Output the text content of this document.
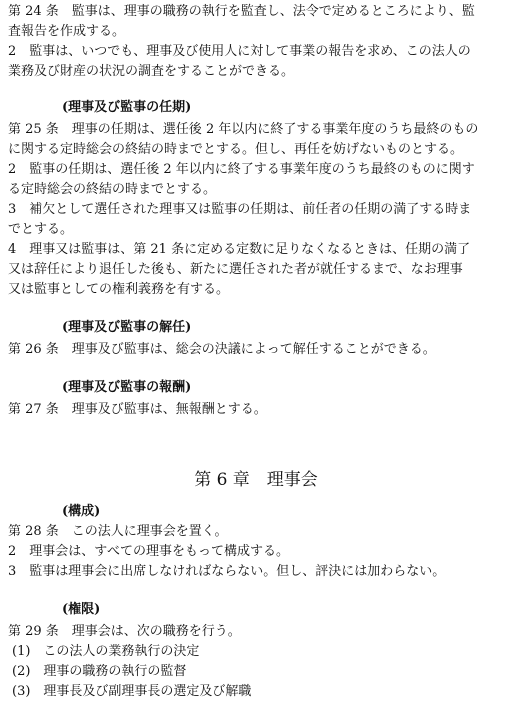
第 24 条　監事は、理事の職務の執行を監査し、法令で定めるところにより、監
査報告を作成する。
2　監事は、いつでも、理事及び使用人に対して事業の報告を求め、この法人の
業務及び財産の状況の調査をすることができる。
(理事及び監事の任期)
第 25 条　理事の任期は、選任後 2 年以内に終了する事業年度のうち最終のもの
に関する定時総会の終結の時までとする。但し、再任を妨げないものとする。
2　監事の任期は、選任後 2 年以内に終了する事業年度のうち最終のものに関す
る定時総会の終結の時までとする。
3　補欠として選任された理事又は監事の任期は、前任者の任期の満了する時ま
でとする。
4　理事又は監事は、第 21 条に定める定数に足りなくなるときは、任期の満了
又は辞任により退任した後も、新たに選任された者が就任するまで、なお理事
又は監事としての権利義務を有する。
(理事及び監事の解任)
第 26 条　理事及び監事は、総会の決議によって解任することができる。
(理事及び監事の報酬)
第 27 条　理事及び監事は、無報酬とする。
第 6 章　理事会
(構成)
第 28 条　この法人に理事会を置く。
2　理事会は、すべての理事をもって構成する。
3　監事は理事会に出席しなければならない。但し、評決には加わらない。
(権限)
第 29 条　理事会は、次の職務を行う。
(1)　この法人の業務執行の決定
(2)　理事の職務の執行の監督
(3)　理事長及び副理事長の選定及び解職
